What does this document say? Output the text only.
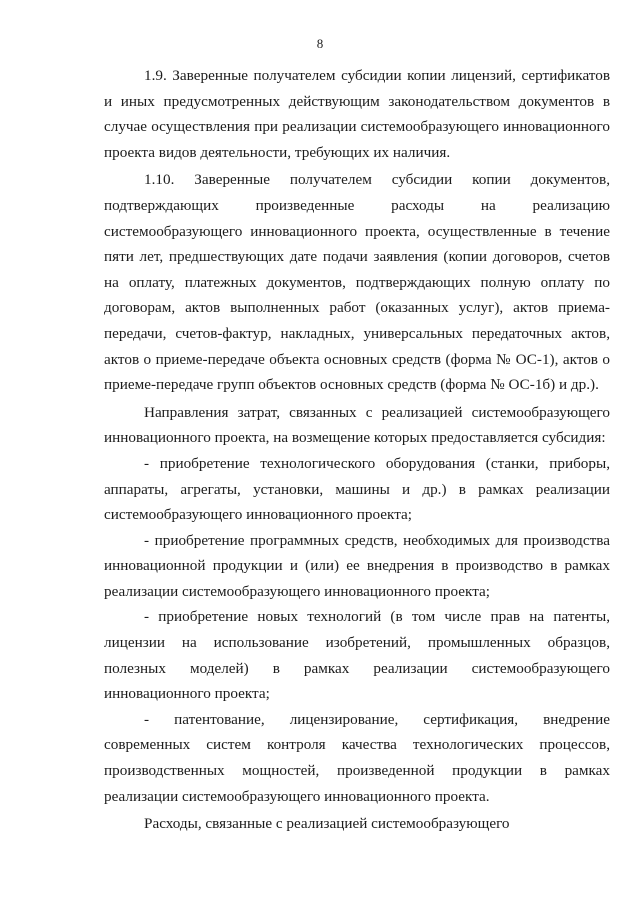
8

1.9. Заверенные получателем субсидии копии лицензий, сертификатов и иных предусмотренных действующим законодательством документов в случае осуществления при реализации системообразующего инновационного проекта видов деятельности, требующих их наличия.

1.10. Заверенные получателем субсидии копии документов, подтверждающих произведенные расходы на реализацию системообразующего инновационного проекта, осуществленные в течение пяти лет, предшествующих дате подачи заявления (копии договоров, счетов на оплату, платежных документов, подтверждающих полную оплату по договорам, актов выполненных работ (оказанных услуг), актов приема-передачи, счетов-фактур, накладных, универсальных передаточных актов, актов о приеме-передаче объекта основных средств (форма № ОС-1), актов о приеме-передаче групп объектов основных средств (форма № ОС-1б) и др.).

Направления затрат, связанных с реализацией системообразующего инновационного проекта, на возмещение которых предоставляется субсидия:

- приобретение технологического оборудования (станки, приборы, аппараты, агрегаты, установки, машины и др.) в рамках реализации системообразующего инновационного проекта;

- приобретение программных средств, необходимых для производства инновационной продукции и (или) ее внедрения в производство в рамках реализации системообразующего инновационного проекта;

- приобретение новых технологий (в том числе прав на патенты, лицензии на использование изобретений, промышленных образцов, полезных моделей) в рамках реализации системообразующего инновационного проекта;

- патентование, лицензирование, сертификация, внедрение современных систем контроля качества технологических процессов, производственных мощностей, произведенной продукции в рамках реализации системообразующего инновационного проекта.

Расходы, связанные с реализацией системообразующего
